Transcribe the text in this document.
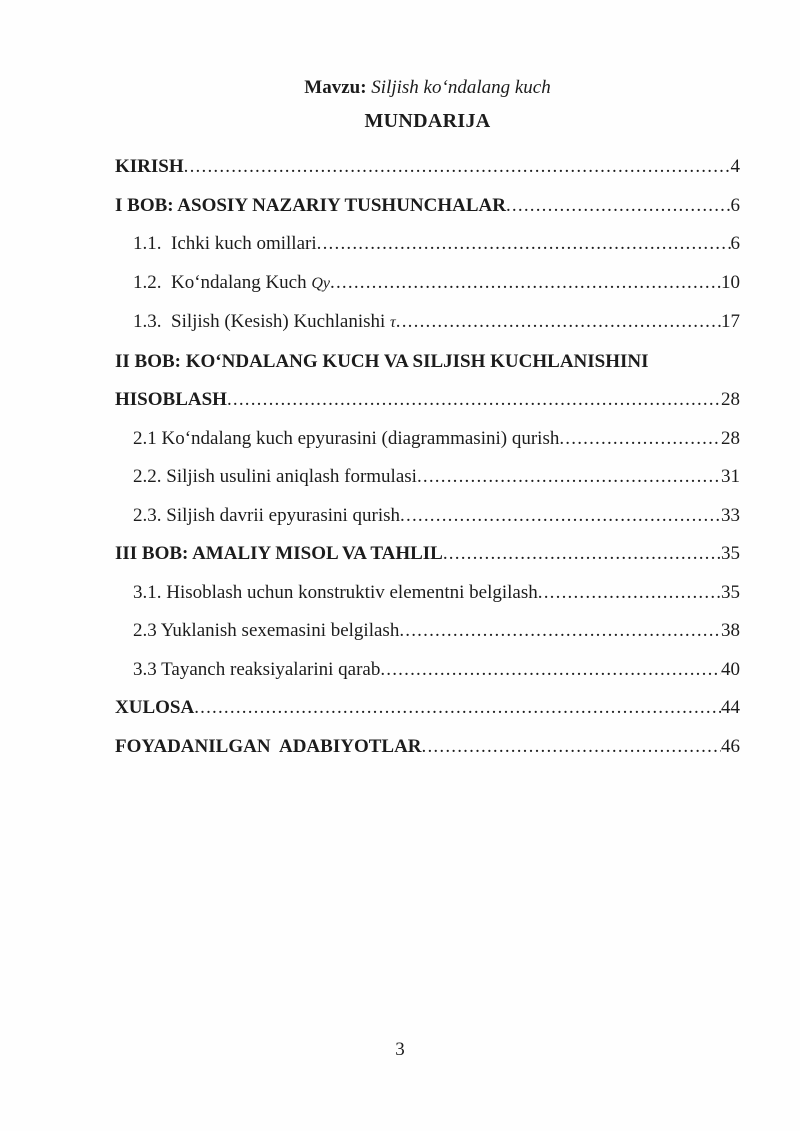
Mavzu: Siljish ko‘ndalang kuch
MUNDARIJA
KIRISH .....	4
I BOB: ASOSIY NAZARIY TUSHUNCHALAR .....	6
1.1.  Ichki kuch omillari .....	6
1.2.  Ko‘ndalang Kuch Qy .....	10
1.3.  Siljish (Kesish) Kuchlanishi τ .....	17
II BOB: KO‘NDALANG KUCH VA SILJISH KUCHLANISHINI
HISOBLASH .....	28
2.1 Ko‘ndalang kuch epyurasini (diagrammasini) qurish .....	28
2.2. Siljish usulini aniqlash formulasi .....	31
2.3. Siljish davrii epyurasini qurish .....	33
III BOB: AMALIY MISOL VA TAHLIL .....	35
3.1. Hisoblash uchun konstruktiv elementni belgilash .....	35
2.3 Yuklanish sexemasini belgilash .....	38
3.3 Tayanch reaksiyalarini qarab .....	40
XULOSA .....	44
FOYADANILGAN  ADABIYOTLAR .....	46
3
